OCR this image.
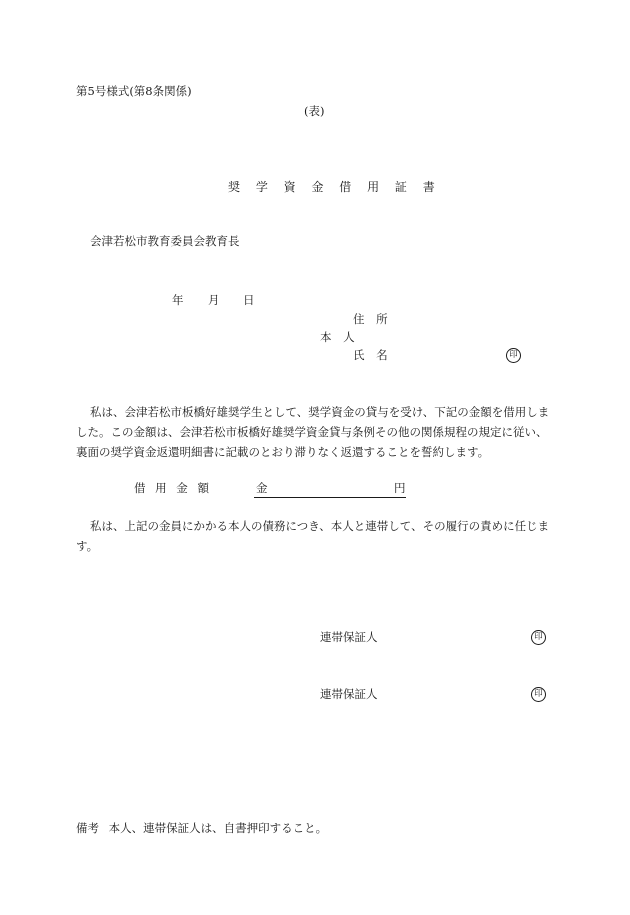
第5号様式(第8条関係)
(表)
奨 学 資 金 借 用 証 書
会津若松市教育委員会教育長
年 月 日
住 所
本 人
氏 名	印
私は、会津若松市板橋好雄奨学生として、奨学資金の貸与を受け、下記の金額を借用しました。この金額は、会津若松市板橋好雄奨学資金貸与条例その他の関係規程の規定に従い、裏面の奨学資金返還明細書に記載のとおり滞りなく返還することを誓約します。
借 用 金 額	金	円
私は、上記の金員にかかる本人の債務につき、本人と連帯して、その履行の責めに任じます。
連帯保証人	印
連帯保証人	印
備考 本人、連帯保証人は、自書押印すること。
